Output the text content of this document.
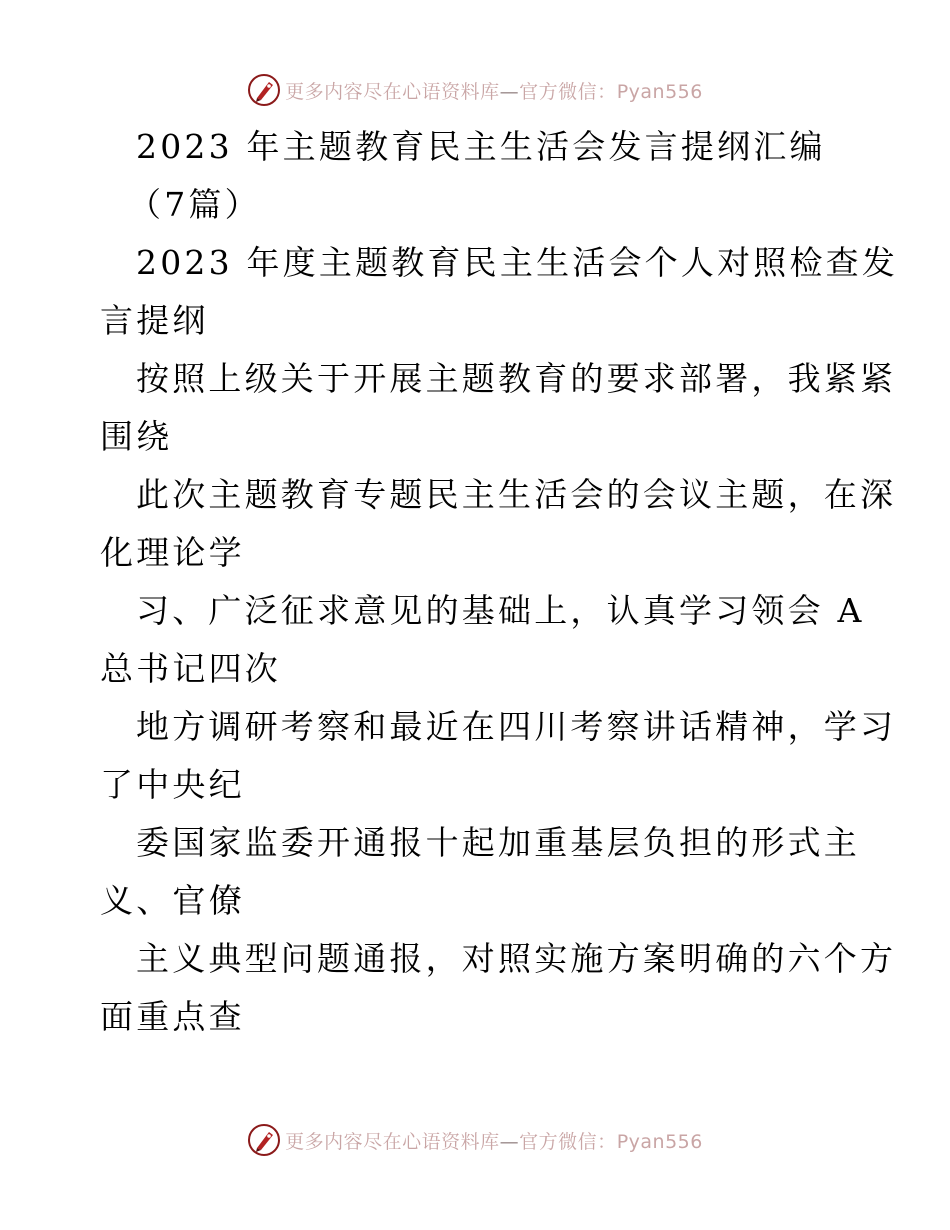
更多内容尽在心语资料库—官方微信：Pyan556
2023 年主题教育民主生活会发言提纲汇编
（7篇）
2023 年度主题教育民主生活会个人对照检查发
言提纲
按照上级关于开展主题教育的要求部署，我紧紧
围绕
此次主题教育专题民主生活会的会议主题，在深
化理论学
习、广泛征求意见的基础上，认真学习领会 A
总书记四次
地方调研考察和最近在四川考察讲话精神，学习
了中央纪
委国家监委开通报十起加重基层负担的形式主
义、官僚
主义典型问题通报，对照实施方案明确的六个方
面重点查
更多内容尽在心语资料库—官方微信：Pyan556
